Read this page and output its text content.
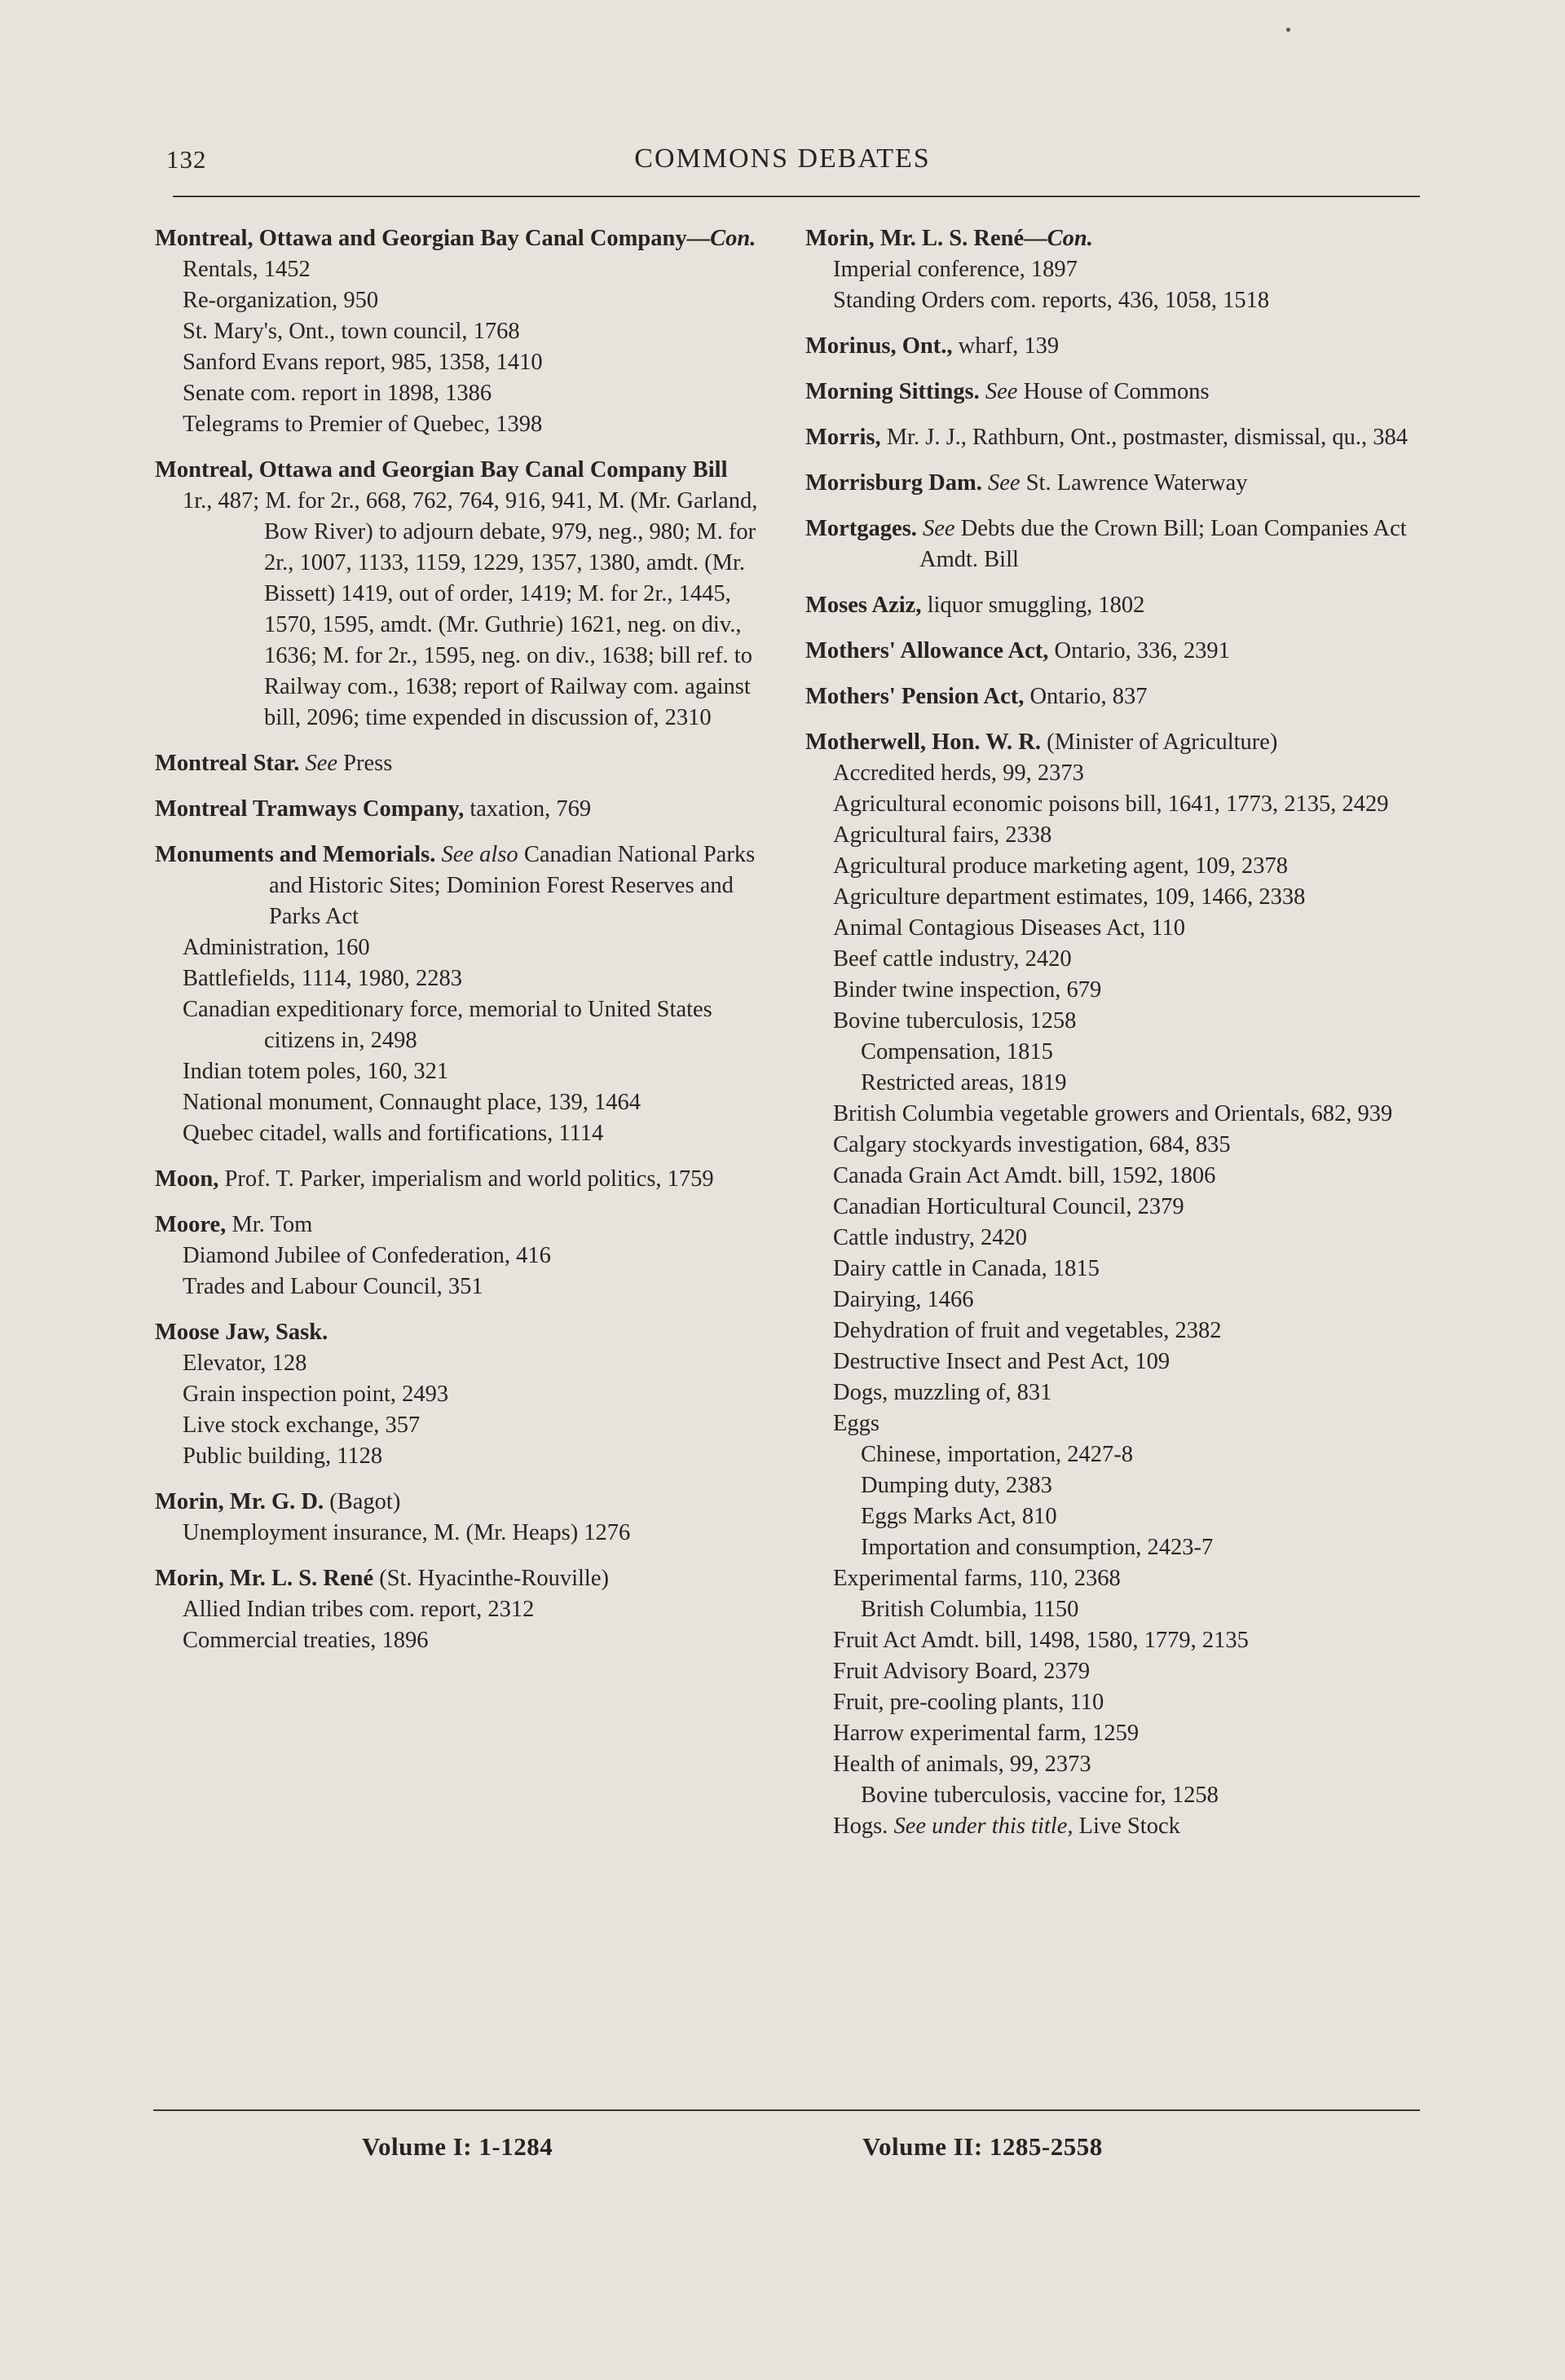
132	COMMONS DEBATES
Montreal, Ottawa and Georgian Bay Canal Company—Con.
Rentals, 1452
Re-organization, 950
St. Mary's, Ont., town council, 1768
Sanford Evans report, 985, 1358, 1410
Senate com. report in 1898, 1386
Telegrams to Premier of Quebec, 1398
Montreal, Ottawa and Georgian Bay Canal Company Bill
1r., 487; M. for 2r., 668, 762, 764, 916, 941, M. (Mr. Garland, Bow River) to adjourn debate, 979, neg., 980; M. for 2r., 1007, 1133, 1159, 1229, 1357, 1380, amdt. (Mr. Bissett) 1419, out of order, 1419; M. for 2r., 1445, 1570, 1595, amdt. (Mr. Guthrie) 1621, neg. on div., 1636; M. for 2r., 1595, neg. on div., 1638; bill ref. to Railway com., 1638; report of Railway com. against bill, 2096; time expended in discussion of, 2310
Montreal Star. See Press
Montreal Tramways Company, taxation, 769
Monuments and Memorials. See also Canadian National Parks and Historic Sites; Dominion Forest Reserves and Parks Act
Administration, 160
Battlefields, 1114, 1980, 2283
Canadian expeditionary force, memorial to United States citizens in, 2498
Indian totem poles, 160, 321
National monument, Connaught place, 139, 1464
Quebec citadel, walls and fortifications, 1114
Moon, Prof. T. Parker, imperialism and world politics, 1759
Moore, Mr. Tom
Diamond Jubilee of Confederation, 416
Trades and Labour Council, 351
Moose Jaw, Sask.
Elevator, 128
Grain inspection point, 2493
Live stock exchange, 357
Public building, 1128
Morin, Mr. G. D. (Bagot)
Unemployment insurance, M. (Mr. Heaps) 1276
Morin, Mr. L. S. René (St. Hyacinthe-Rouville)
Allied Indian tribes com. report, 2312
Commercial treaties, 1896
Morin, Mr. L. S. René—Con.
Imperial conference, 1897
Standing Orders com. reports, 436, 1058, 1518
Morinus, Ont., wharf, 139
Morning Sittings. See House of Commons
Morris, Mr. J. J., Rathburn, Ont., postmaster, dismissal, qu., 384
Morrisburg Dam. See St. Lawrence Waterway
Mortgages. See Debts due the Crown Bill; Loan Companies Act Amdt. Bill
Moses Aziz, liquor smuggling, 1802
Mothers' Allowance Act, Ontario, 336, 2391
Mothers' Pension Act, Ontario, 837
Motherwell, Hon. W. R. (Minister of Agriculture)
Accredited herds, 99, 2373
Agricultural economic poisons bill, 1641, 1773, 2135, 2429
Agricultural fairs, 2338
Agricultural produce marketing agent, 109, 2378
Agriculture department estimates, 109, 1466, 2338
Animal Contagious Diseases Act, 110
Beef cattle industry, 2420
Binder twine inspection, 679
Bovine tuberculosis, 1258
Compensation, 1815
Restricted areas, 1819
British Columbia vegetable growers and Orientals, 682, 939
Calgary stockyards investigation, 684, 835
Canada Grain Act Amdt. bill, 1592, 1806
Canadian Horticultural Council, 2379
Cattle industry, 2420
Dairy cattle in Canada, 1815
Dairying, 1466
Dehydration of fruit and vegetables, 2382
Destructive Insect and Pest Act, 109
Dogs, muzzling of, 831
Eggs
Chinese, importation, 2427-8
Dumping duty, 2383
Eggs Marks Act, 810
Importation and consumption, 2423-7
Experimental farms, 110, 2368
British Columbia, 1150
Fruit Act Amdt. bill, 1498, 1580, 1779, 2135
Fruit Advisory Board, 2379
Fruit, pre-cooling plants, 110
Harrow experimental farm, 1259
Health of animals, 99, 2373
Bovine tuberculosis, vaccine for, 1258
Hogs. See under this title, Live Stock
Volume I: 1-1284	Volume II: 1285-2558
